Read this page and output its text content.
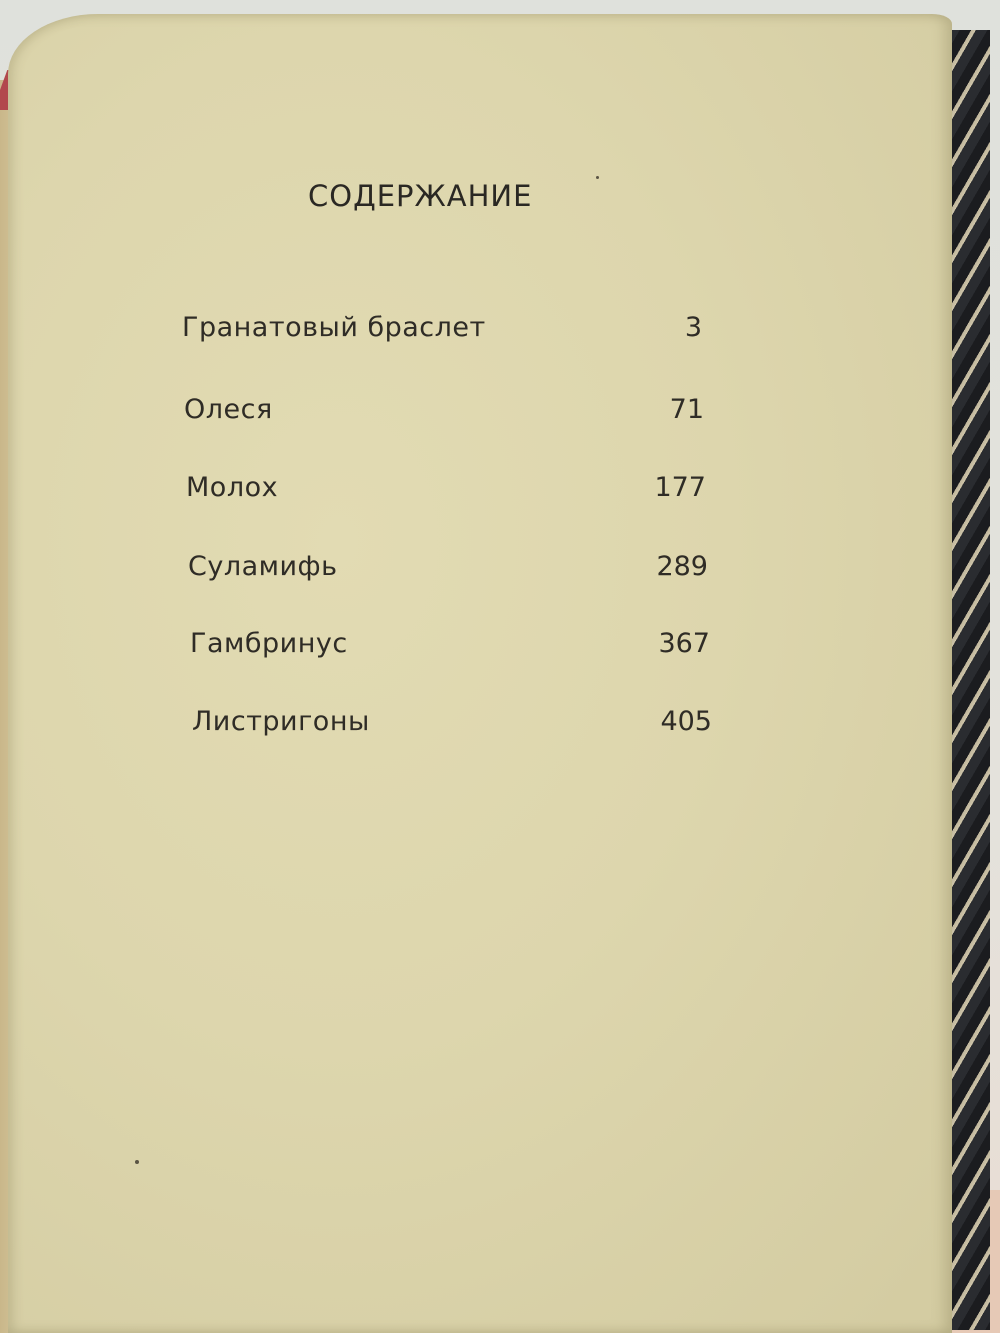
СОДЕРЖАНИЕ
Гранатовый браслет	3
Олеся	71
Молох	177
Суламифь	289
Гамбринус	367
Листригоны	405
